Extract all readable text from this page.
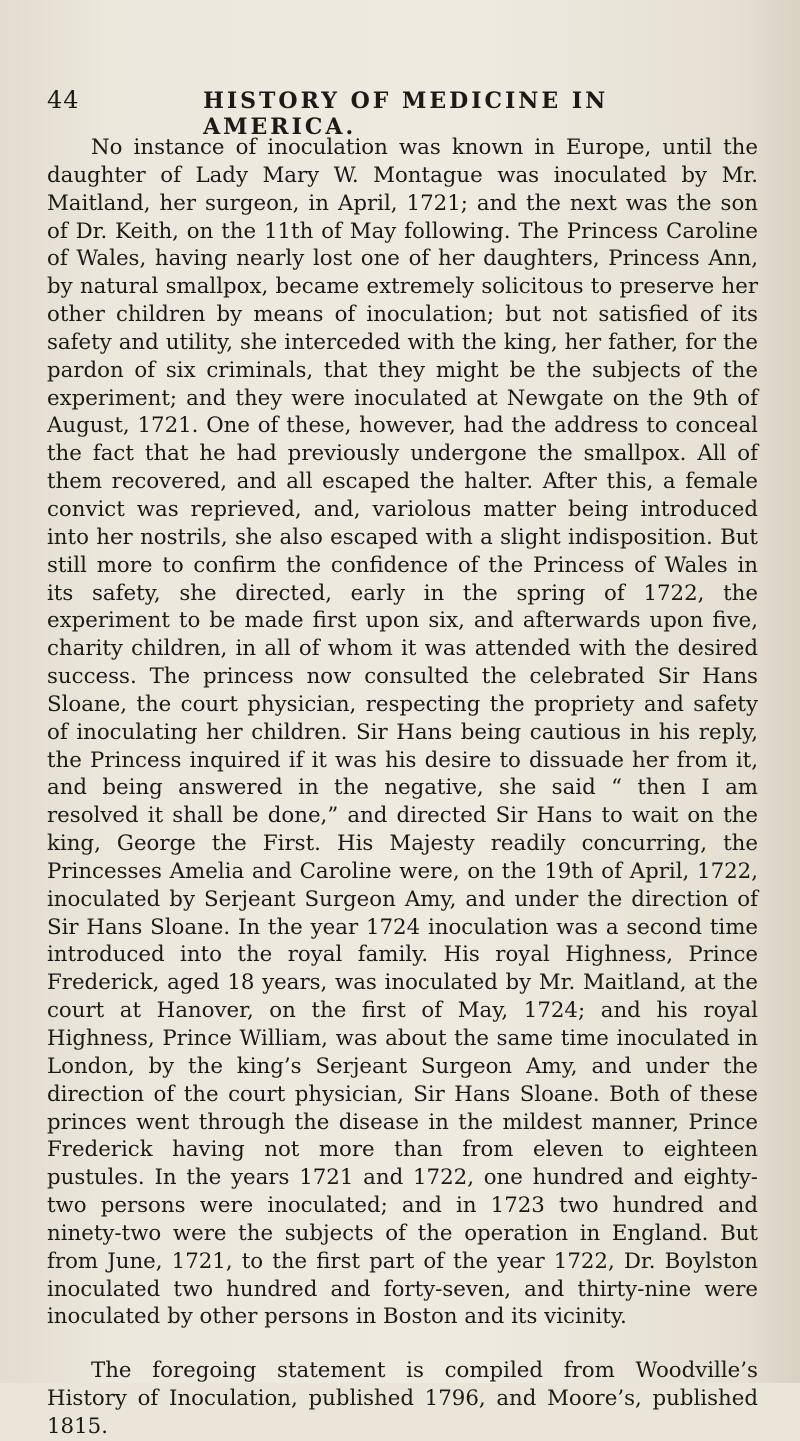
44	HISTORY OF MEDICINE IN AMERICA.

No instance of inoculation was known in Europe, until the daughter of Lady Mary W. Montague was inoculated by Mr. Maitland, her surgeon, in April, 1721; and the next was the son of Dr. Keith, on the 11th of May following. The Princess Caroline of Wales, having nearly lost one of her daughters, Princess Ann, by natural smallpox, became extremely solicitous to preserve her other children by means of inoculation; but not satisfied of its safety and utility, she interceded with the king, her father, for the pardon of six criminals, that they might be the subjects of the experiment; and they were inoculated at Newgate on the 9th of August, 1721. One of these, however, had the address to conceal the fact that he had previously undergone the smallpox. All of them recovered, and all escaped the halter. After this, a female convict was reprieved, and, variolous matter being introduced into her nostrils, she also escaped with a slight indisposition. But still more to confirm the confidence of the Princess of Wales in its safety, she directed, early in the spring of 1722, the experiment to be made first upon six, and afterwards upon five, charity children, in all of whom it was attended with the desired success. The princess now consulted the celebrated Sir Hans Sloane, the court physician, respecting the propriety and safety of inoculating her children. Sir Hans being cautious in his reply, the Princess inquired if it was his desire to dissuade her from it, and being answered in the negative, she said “ then I am resolved it shall be done,” and directed Sir Hans to wait on the king, George the First. His Majesty readily concurring, the Princesses Amelia and Caroline were, on the 19th of April, 1722, inoculated by Serjeant Surgeon Amy, and under the direction of Sir Hans Sloane. In the year 1724 inoculation was a second time introduced into the royal family. His royal Highness, Prince Frederick, aged 18 years, was inoculated by Mr. Maitland, at the court at Hanover, on the first of May, 1724; and his royal Highness, Prince William, was about the same time inoculated in London, by the king’s Serjeant Surgeon Amy, and under the direction of the court physician, Sir Hans Sloane. Both of these princes went through the disease in the mildest manner, Prince Frederick having not more than from eleven to eighteen pustules. In the years 1721 and 1722, one hundred and eighty-two persons were inoculated; and in 1723 two hundred and ninety-two were the subjects of the operation in England. But from June, 1721, to the first part of the year 1722, Dr. Boylston inoculated two hundred and forty-seven, and thirty-nine were inoculated by other persons in Boston and its vicinity.

The foregoing statement is compiled from Woodville’s History of Inoculation, published 1796, and Moore’s, published 1815.
